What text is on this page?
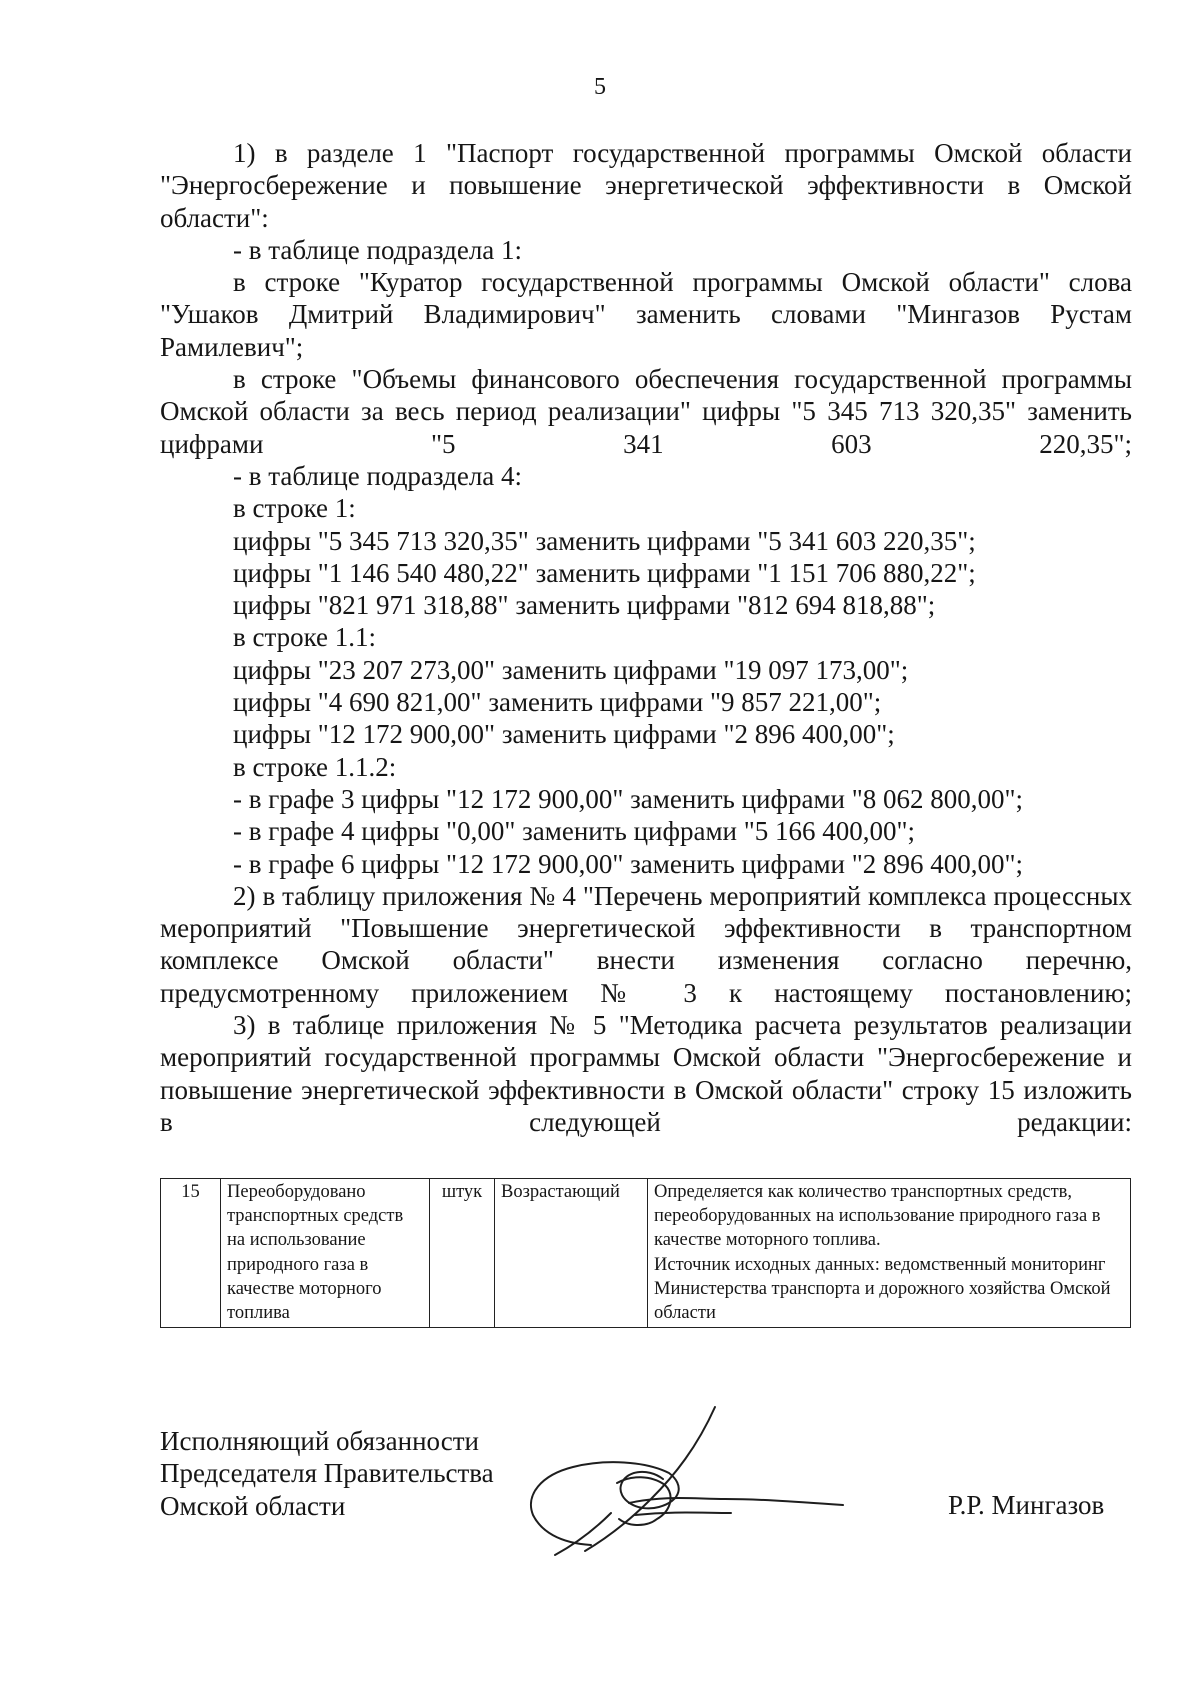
5

1) в разделе 1 "Паспорт государственной программы Омской области "Энергосбережение и повышение энергетической эффективности в Омской области":

- в таблице подраздела 1:

в строке "Куратор государственной программы Омской области" слова "Ушаков Дмитрий Владимирович" заменить словами "Мингазов Рустам Рамилевич";

в строке "Объемы финансового обеспечения государственной программы Омской области за весь период реализации" цифры "5 345 713 320,35" заменить цифрами "5 341 603 220,35";

- в таблице подраздела 4:

в строке 1:

цифры "5 345 713 320,35" заменить цифрами "5 341 603 220,35";

цифры "1 146 540 480,22" заменить цифрами "1 151 706 880,22";

цифры "821 971 318,88" заменить цифрами "812 694 818,88";

в строке 1.1:

цифры "23 207 273,00" заменить цифрами "19 097 173,00";

цифры "4 690 821,00" заменить цифрами "9 857 221,00";

цифры "12 172 900,00" заменить цифрами "2 896 400,00";

в строке 1.1.2:

- в графе 3 цифры "12 172 900,00" заменить цифрами "8 062 800,00";

- в графе 4 цифры "0,00" заменить цифрами "5 166 400,00";

- в графе 6 цифры "12 172 900,00" заменить цифрами "2 896 400,00";

2) в таблицу приложения № 4 "Перечень мероприятий комплекса процессных мероприятий "Повышение энергетической эффективности в транспортном комплексе Омской области" внести изменения согласно перечню, предусмотренному приложением № 3 к настоящему постановлению;

3) в таблице приложения № 5 "Методика расчета результатов реализации мероприятий государственной программы Омской области "Энергосбережение и повышение энергетической эффективности в Омской области" строку 15 изложить в следующей редакции:

15	Переоборудовано транспортных средств на использование природного газа в качестве моторного топлива	штук	Возрастающий	Определяется как количество транспортных средств, переоборудованных на использование природного газа в качестве моторного топлива.
Источник исходных данных: ведомственный мониторинг Министерства транспорта и дорожного хозяйства Омской области
Исполняющий обязанности
Председателя Правительства
Омской области	Р.Р. Мингазов
